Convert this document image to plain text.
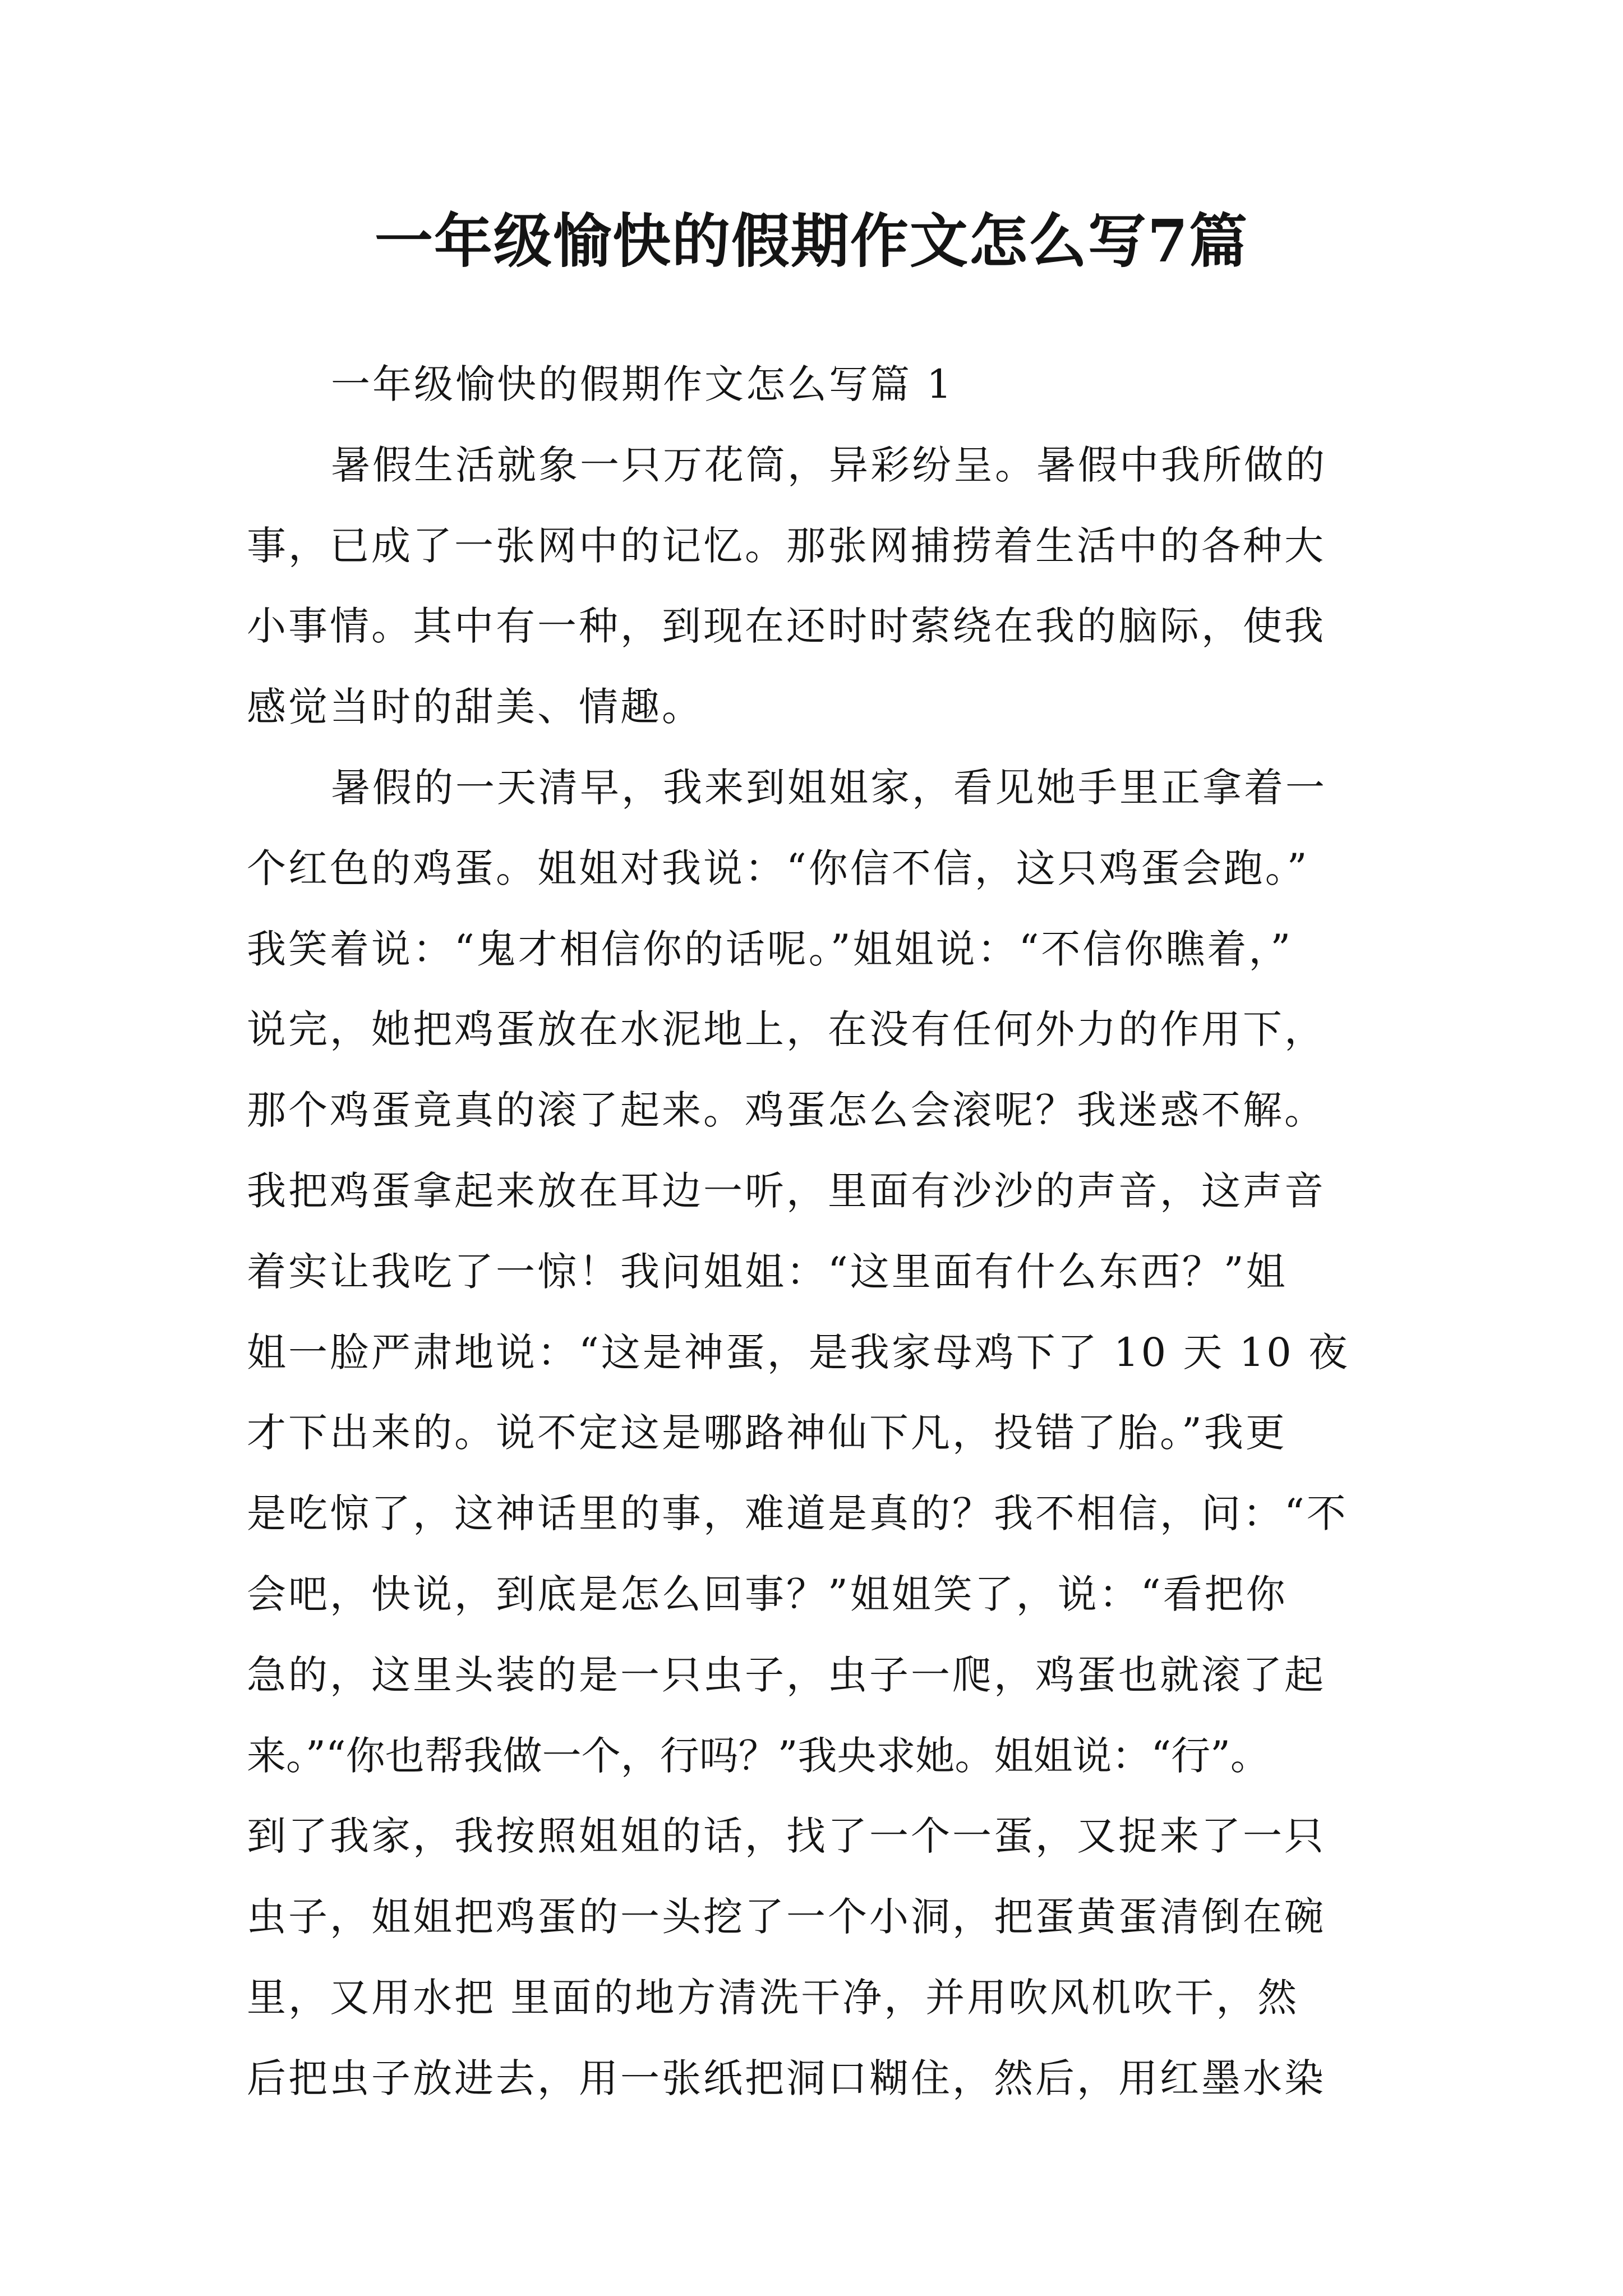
一年级愉快的假期作文怎么写7篇
一年级愉快的假期作文怎么写篇 1
暑假生活就象一只万花筒，异彩纷呈。暑假中我所做的
事，已成了一张网中的记忆。那张网捕捞着生活中的各种大
小事情。其中有一种，到现在还时时萦绕在我的脑际，使我
感觉当时的甜美、情趣。
暑假的一天清早，我来到姐姐家，看见她手里正拿着一
个红色的鸡蛋。姐姐对我说：“你信不信，这只鸡蛋会跑。”
我笑着说：“鬼才相信你的话呢。”姐姐说：“不信你瞧着，”
说完，她把鸡蛋放在水泥地上，在没有任何外力的作用下，
那个鸡蛋竟真的滚了起来。鸡蛋怎么会滚呢？我迷惑不解。
我把鸡蛋拿起来放在耳边一听，里面有沙沙的声音，这声音
着实让我吃了一惊！我问姐姐：“这里面有什么东西？”姐
姐一脸严肃地说：“这是神蛋，是我家母鸡下了 10 天 10 夜
才下出来的。说不定这是哪路神仙下凡，投错了胎。”我更
是吃惊了，这神话里的事，难道是真的？我不相信，问：“不
会吧，快说，到底是怎么回事？”姐姐笑了，说：“看把你
急的，这里头装的是一只虫子，虫子一爬，鸡蛋也就滚了起
来。”“你也帮我做一个，行吗？”我央求她。姐姐说：“行”。
到了我家，我按照姐姐的话，找了一个一蛋，又捉来了一只
虫子，姐姐把鸡蛋的一头挖了一个小洞，把蛋黄蛋清倒在碗
里，又用水把 里面的地方清洗干净，并用吹风机吹干，然
后把虫子放进去，用一张纸把洞口糊住，然后，用红墨水染
